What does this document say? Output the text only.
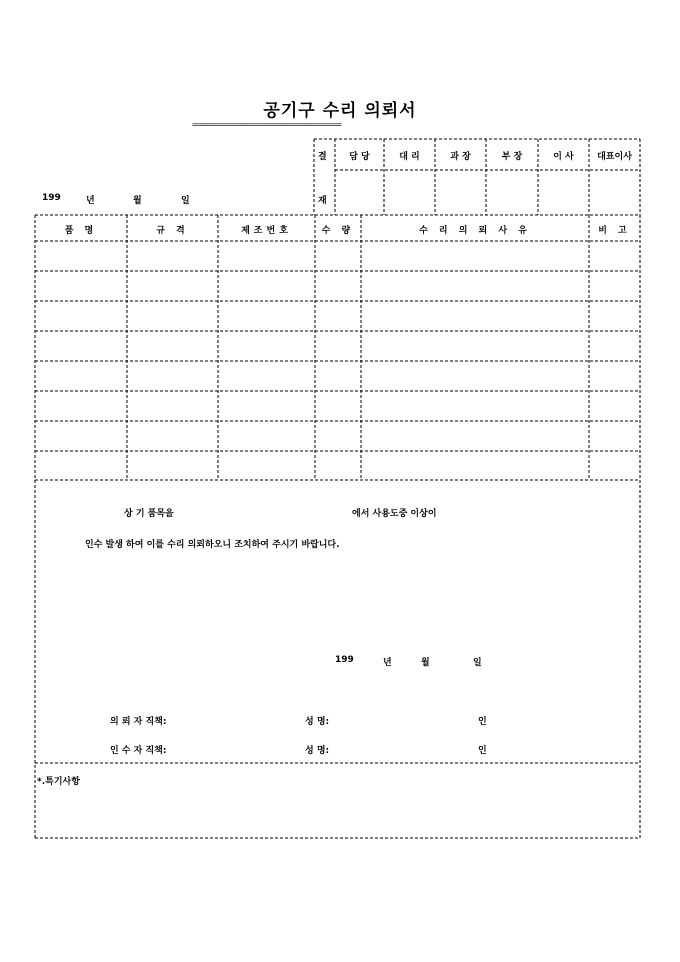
공기구 수리 의뢰서
=======================================
199	년	월	일
결
재
담 당	대 리	과 장	부 장	이 사	대표이사
품 명	규 격	제조번호	수 량	수 리 의 뢰 사 유	비 고
상 기 품목을	에서 사용도중 이상이
인수 발생 하여 이를 수리 의뢰하오니 조치하여 주시기 바랍니다.
199	년	월	일
의 뢰 자 직책:	성 명:	인
인 수 자 직책:	성 명:	인
*.특기사항
